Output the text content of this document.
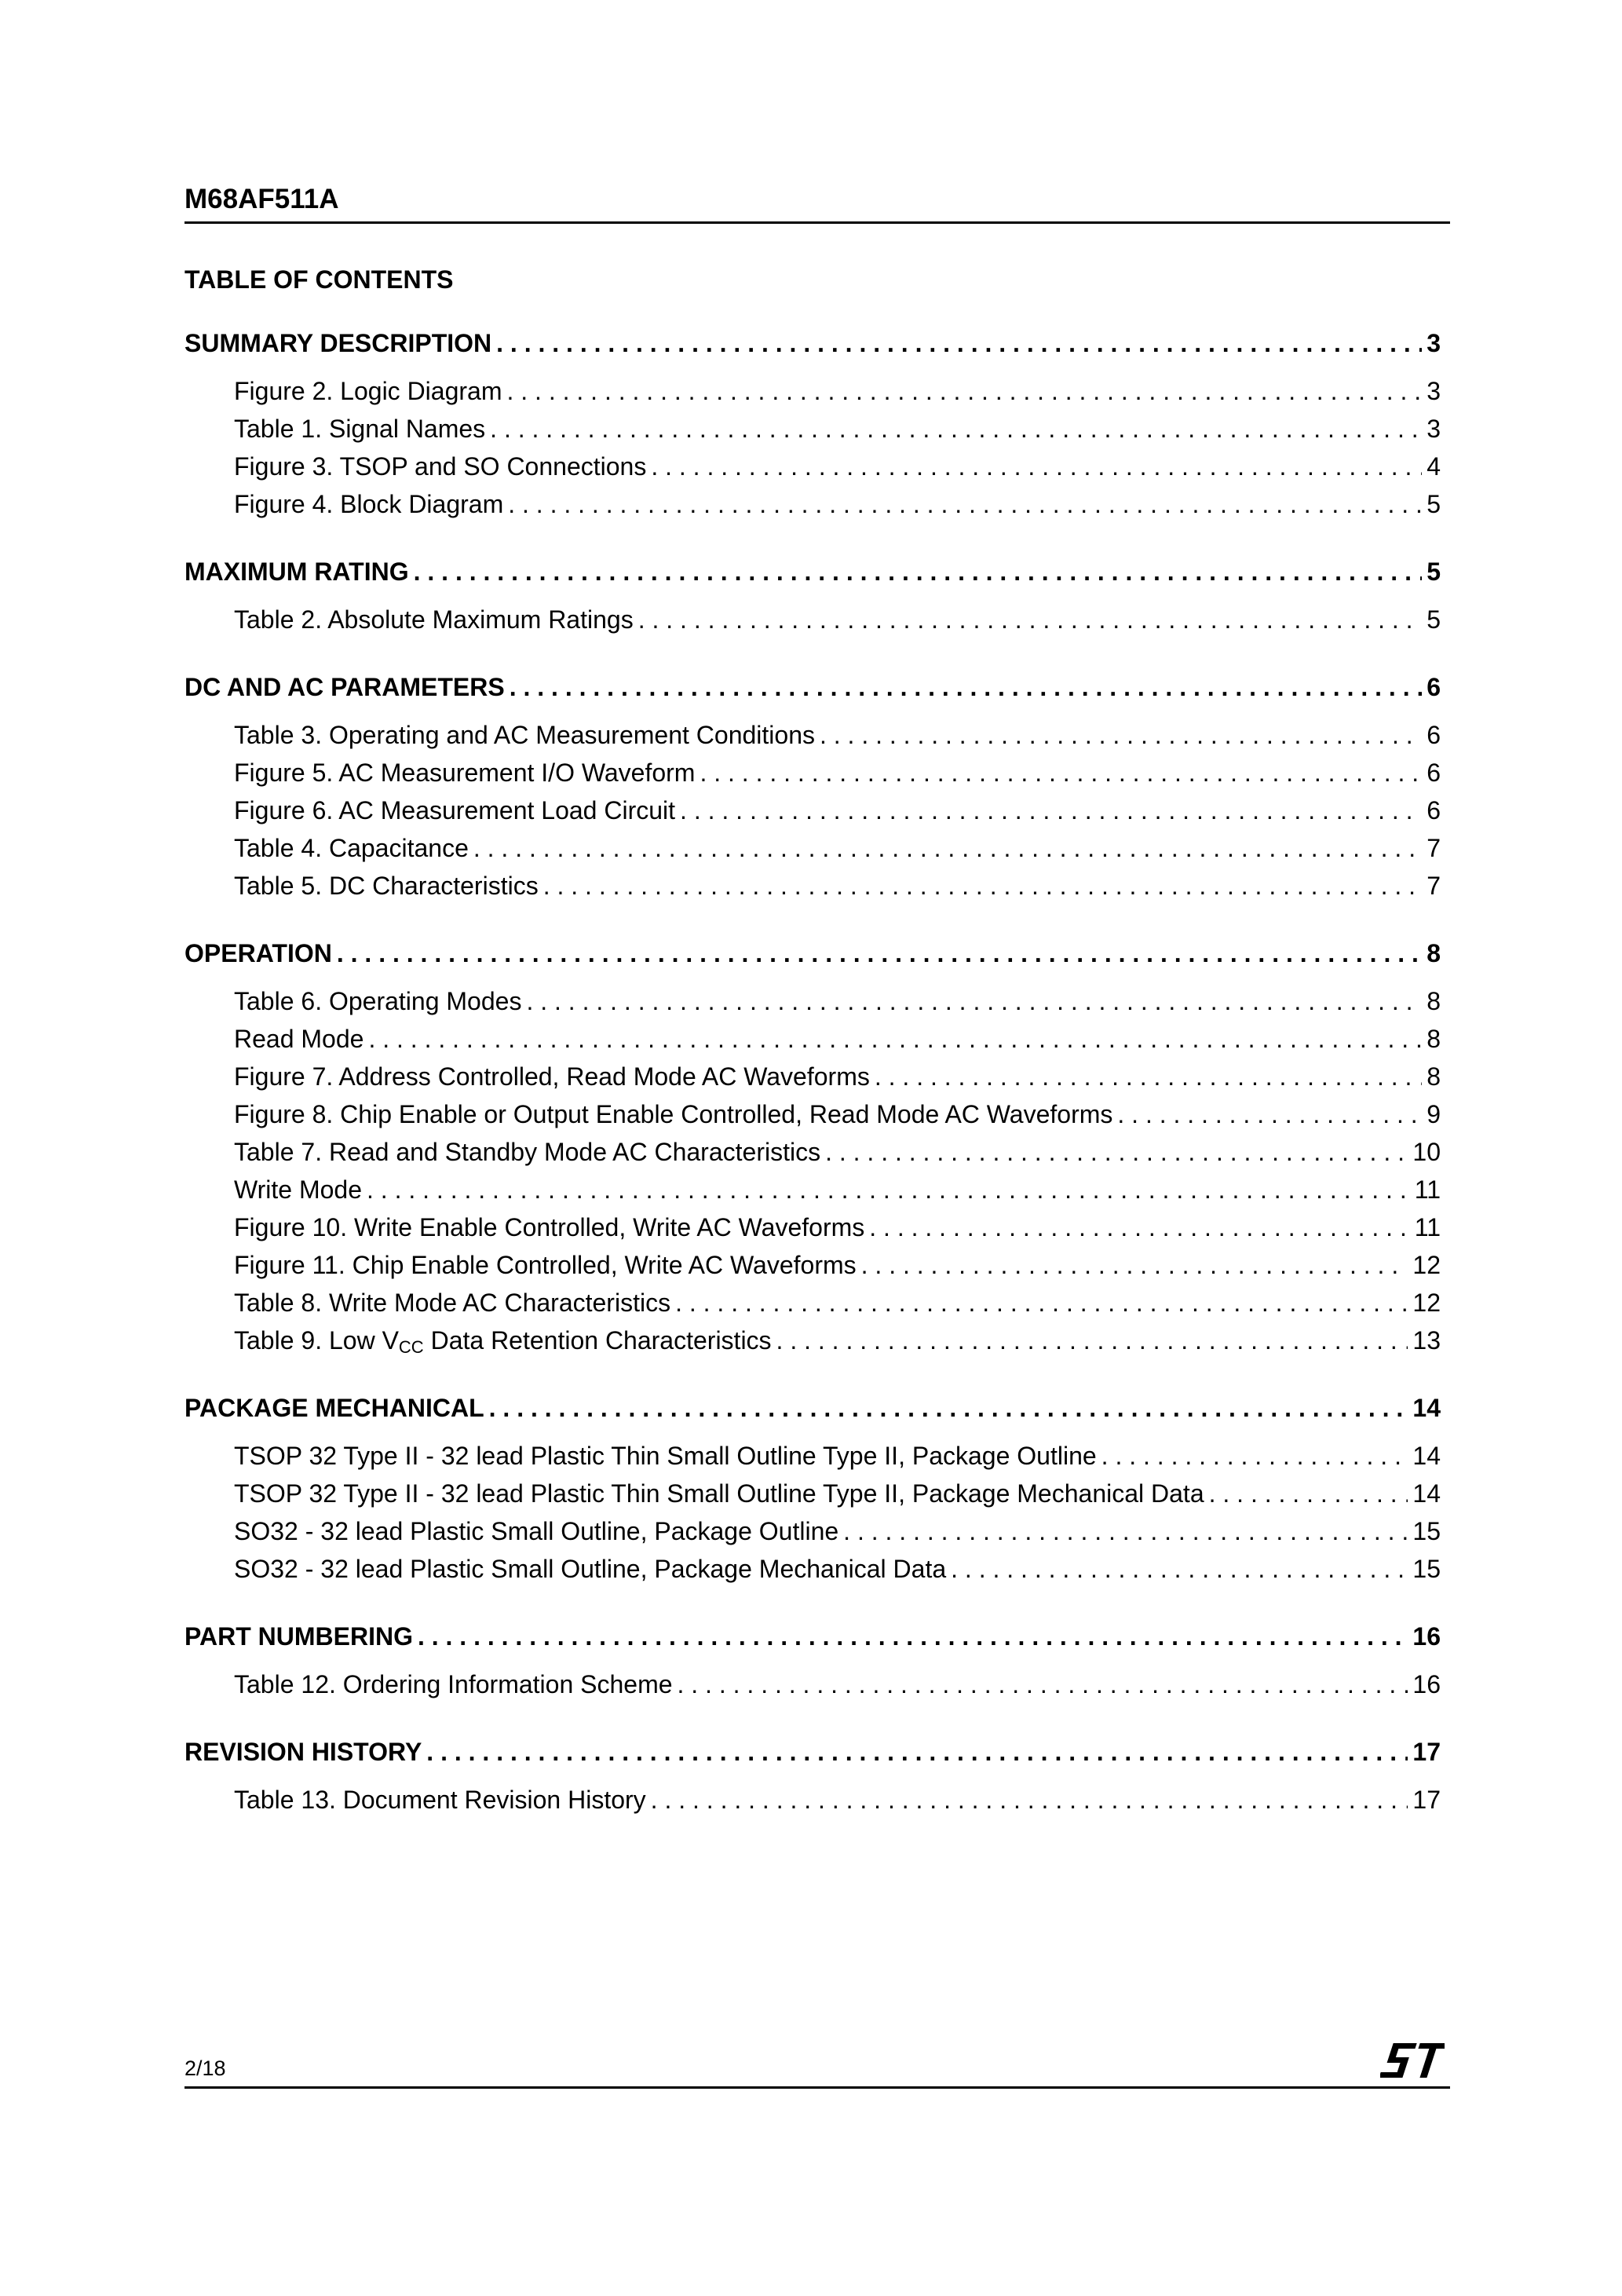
M68AF511A
TABLE OF CONTENTS
SUMMARY DESCRIPTION . . .	3
Figure 2. Logic Diagram . . .	3
Table 1. Signal Names . . .	3
Figure 3. TSOP and SO Connections . . .	4
Figure 4. Block Diagram . . .	5
MAXIMUM RATING . . .	5
Table 2. Absolute Maximum Ratings . . .	5
DC AND AC PARAMETERS . . .	6
Table 3. Operating and AC Measurement Conditions . . .	6
Figure 5. AC Measurement I/O Waveform . . .	6
Figure 6. AC Measurement Load Circuit . . .	6
Table 4. Capacitance . . .	7
Table 5. DC Characteristics . . .	7
OPERATION . . .	8
Table 6. Operating Modes . . .	8
Read Mode . . .	8
Figure 7. Address Controlled, Read Mode AC Waveforms . . .	8
Figure 8. Chip Enable or Output Enable Controlled, Read Mode AC Waveforms . . .	9
Table 7. Read and Standby Mode AC Characteristics . . .	10
Write Mode . . .	11
Figure 10. Write Enable Controlled, Write AC Waveforms . . .	11
Figure 11. Chip Enable Controlled, Write AC Waveforms . . .	12
Table 8. Write Mode AC Characteristics . . .	12
Table 9. Low $V_{CC}$ Data Retention Characteristics . . .	13
PACKAGE MECHANICAL . . .	14
TSOP 32 Type II - 32 lead Plastic Thin Small Outline Type II, Package Outline . . .	14
TSOP 32 Type II - 32 lead Plastic Thin Small Outline Type II, Package Mechanical Data . . .	14
SO32 - 32 lead Plastic Small Outline, Package Outline . . .	15
SO32 - 32 lead Plastic Small Outline, Package Mechanical Data . . .	15
PART NUMBERING . . .	16
Table 12. Ordering Information Scheme . . .	16
REVISION HISTORY . . .	17
Table 13. Document Revision History . . .	17
2/18
